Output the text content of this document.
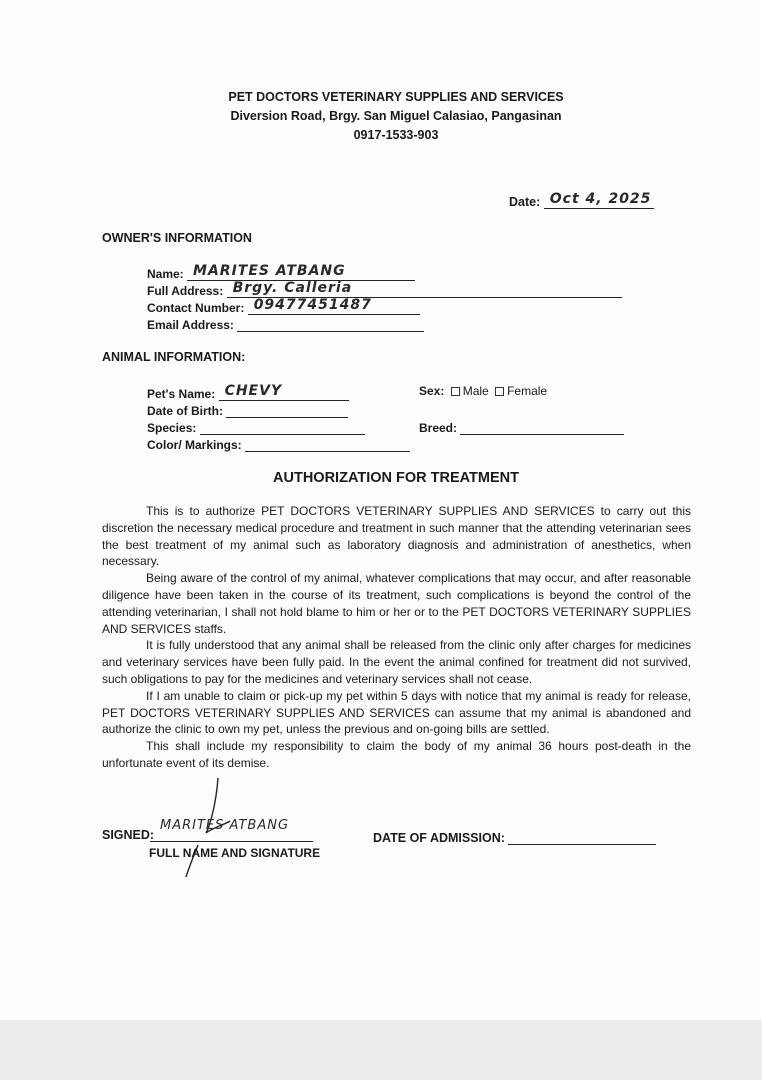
PET DOCTORS VETERINARY SUPPLIES AND SERVICES
Diversion Road, Brgy. San Miguel Calasiao, Pangasinan
0917-1533-903
Date: Oct 4, 2025
OWNER'S INFORMATION
Name: MARITES ATBANG
Full Address: Brgy. Calleria
Contact Number: 09477451487
Email Address:
ANIMAL INFORMATION:
Pet's Name: CHEVY
Date of Birth:
Species:
Color/ Markings:
Sex: Male Female
Breed:
AUTHORIZATION FOR TREATMENT

This is to authorize PET DOCTORS VETERINARY SUPPLIES AND SERVICES to carry out this discretion the necessary medical procedure and treatment in such manner that the attending veterinarian sees the best treatment of my animal such as laboratory diagnosis and administration of anesthetics, when necessary.

Being aware of the control of my animal, whatever complications that may occur, and after reasonable diligence have been taken in the course of its treatment, such complications is beyond the control of the attending veterinarian, I shall not hold blame to him or her or to the PET DOCTORS VETERINARY SUPPLIES AND SERVICES staffs.

It is fully understood that any animal shall be released from the clinic only after charges for medicines and veterinary services have been fully paid. In the event the animal confined for treatment did not survived, such obligations to pay for the medicines and veterinary services shall not cease.

If I am unable to claim or pick-up my pet within 5 days with notice that my animal is ready for release, PET DOCTORS VETERINARY SUPPLIES AND SERVICES can assume that my animal is abandoned and authorize the clinic to own my pet, unless the previous and on-going bills are settled.

This shall include my responsibility to claim the body of my animal 36 hours post-death in the unfortunate event of its demise.

MARITES ATBANG
SIGNED:
FULL NAME AND SIGNATURE
DATE OF ADMISSION:
